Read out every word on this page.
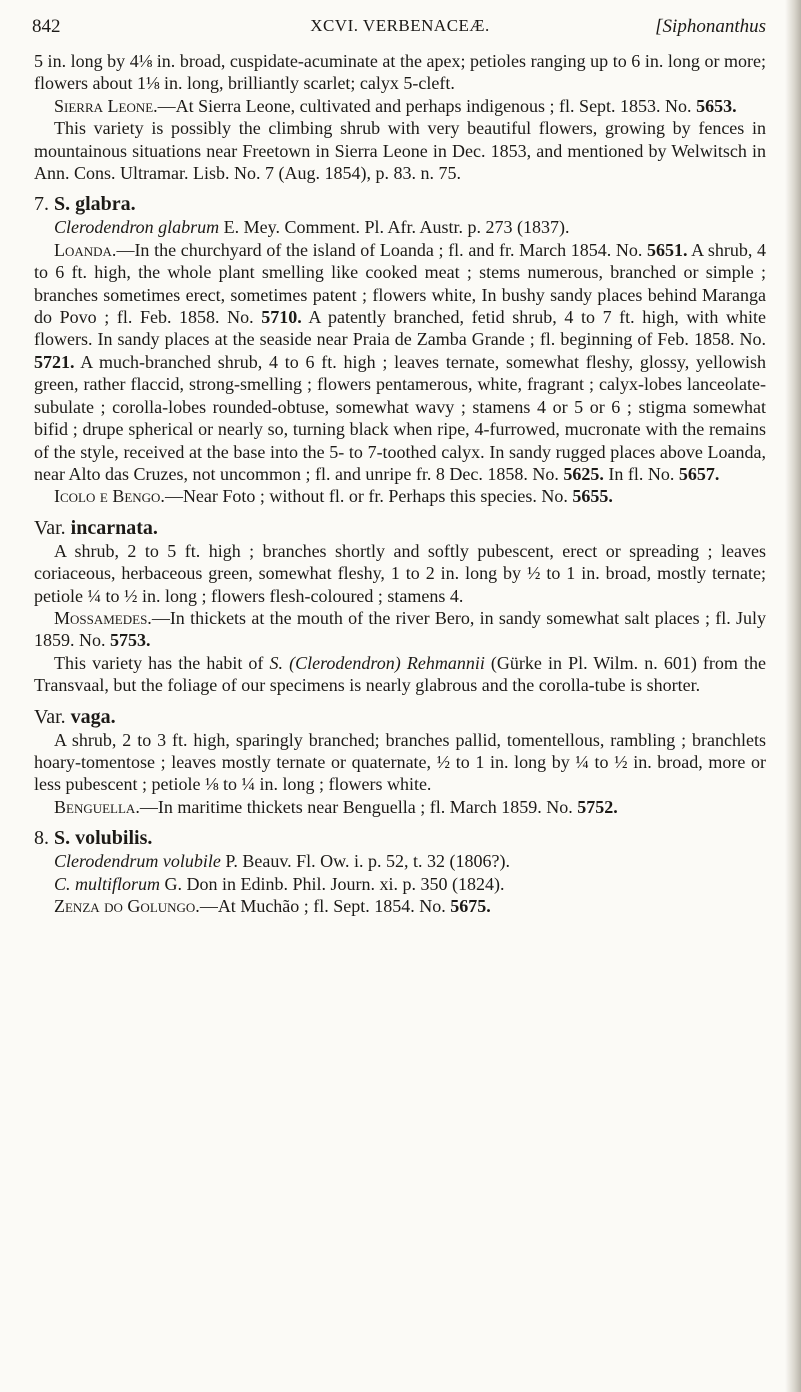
842	XCVI. VERBENACEÆ.	[Siphonanthus

5 in. long by 4⅛ in. broad, cuspidate-acuminate at the apex; petioles ranging up to 6 in. long or more; flowers about 1⅛ in. long, brilliantly scarlet; calyx 5-cleft.

Sierra Leone.—At Sierra Leone, cultivated and perhaps indigenous ; fl. Sept. 1853. No. 5653.

This variety is possibly the climbing shrub with very beautiful flowers, growing by fences in mountainous situations near Freetown in Sierra Leone in Dec. 1853, and mentioned by Welwitsch in Ann. Cons. Ultramar. Lisb. No. 7 (Aug. 1854), p. 83. n. 75.

7. S. glabra.

Clerodendron glabrum E. Mey. Comment. Pl. Afr. Austr. p. 273 (1837).

Loanda.—In the churchyard of the island of Loanda ; fl. and fr. March 1854. No. 5651. A shrub, 4 to 6 ft. high, the whole plant smelling like cooked meat ; stems numerous, branched or simple ; branches sometimes erect, sometimes patent ; flowers white, In bushy sandy places behind Maranga do Povo ; fl. Feb. 1858. No. 5710. A patently branched, fetid shrub, 4 to 7 ft. high, with white flowers. In sandy places at the seaside near Praia de Zamba Grande ; fl. beginning of Feb. 1858. No. 5721. A much-branched shrub, 4 to 6 ft. high ; leaves ternate, somewhat fleshy, glossy, yellowish green, rather flaccid, strong-smelling ; flowers pentamerous, white, fragrant ; calyx-lobes lanceolate-subulate ; corolla-lobes rounded-obtuse, somewhat wavy ; stamens 4 or 5 or 6 ; stigma somewhat bifid ; drupe spherical or nearly so, turning black when ripe, 4-furrowed, mucronate with the remains of the style, received at the base into the 5- to 7-toothed calyx. In sandy rugged places above Loanda, near Alto das Cruzes, not uncommon ; fl. and unripe fr. 8 Dec. 1858. No. 5625. In fl. No. 5657.

Icolo e Bengo.—Near Foto ; without fl. or fr. Perhaps this species. No. 5655.

Var. incarnata.

A shrub, 2 to 5 ft. high ; branches shortly and softly pubescent, erect or spreading ; leaves coriaceous, herbaceous green, somewhat fleshy, 1 to 2 in. long by ½ to 1 in. broad, mostly ternate; petiole ¼ to ½ in. long ; flowers flesh-coloured ; stamens 4.

Mossamedes.—In thickets at the mouth of the river Bero, in sandy somewhat salt places ; fl. July 1859. No. 5753.

This variety has the habit of S. (Clerodendron) Rehmannii (Gürke in Pl. Wilm. n. 601) from the Transvaal, but the foliage of our specimens is nearly glabrous and the corolla-tube is shorter.

Var. vaga.

A shrub, 2 to 3 ft. high, sparingly branched; branches pallid, tomentellous, rambling ; branchlets hoary-tomentose ; leaves mostly ternate or quaternate, ½ to 1 in. long by ¼ to ½ in. broad, more or less pubescent ; petiole ⅛ to ¼ in. long ; flowers white.

Benguella.—In maritime thickets near Benguella ; fl. March 1859. No. 5752.

8. S. volubilis.

Clerodendrum volubile P. Beauv. Fl. Ow. i. p. 52, t. 32 (1806?).

C. multiflorum G. Don in Edinb. Phil. Journ. xi. p. 350 (1824).

Zenza do Golungo.—At Muchão ; fl. Sept. 1854. No. 5675.
